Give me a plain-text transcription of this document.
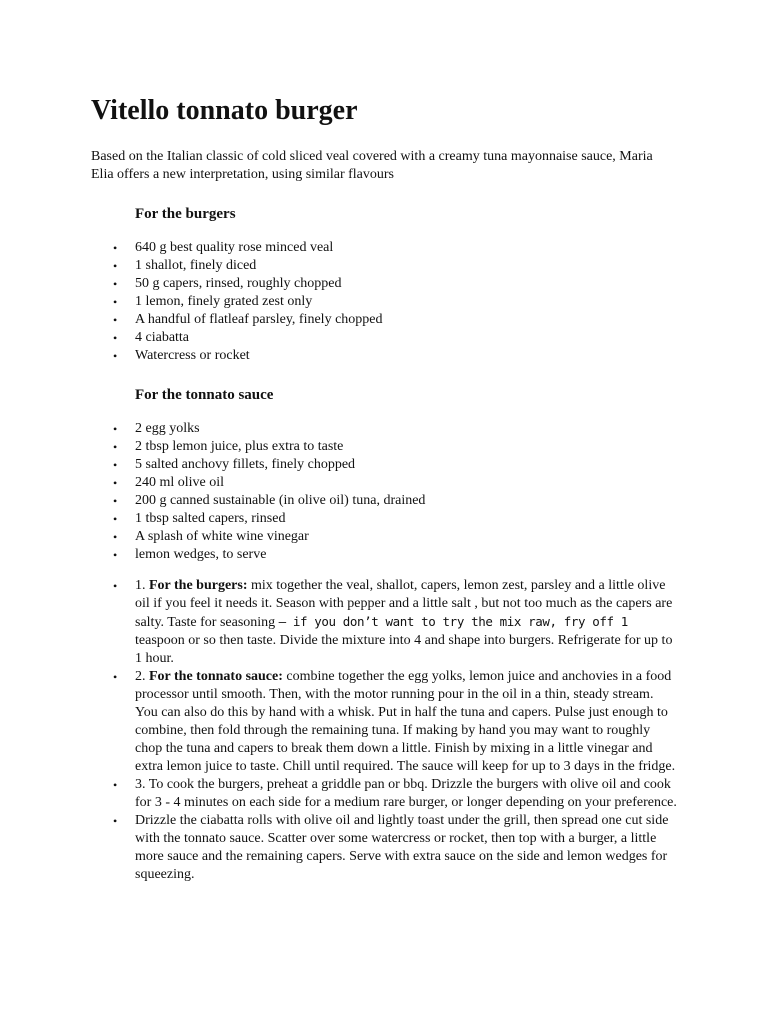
Vitello tonnato burger

Based on the Italian classic of cold sliced veal covered with a creamy tuna mayonnaise sauce, Maria Elia offers a new interpretation, using similar flavours

For the burgers
• 640 g best quality rose minced veal
• 1 shallot, finely diced
• 50 g capers, rinsed, roughly chopped
• 1 lemon, finely grated zest only
• A handful of flatleaf parsley, finely chopped
• 4 ciabatta
• Watercress or rocket
For the tonnato sauce
• 2 egg yolks
• 2 tbsp lemon juice, plus extra to taste
• 5 salted anchovy fillets, finely chopped
• 240 ml olive oil
• 200 g canned sustainable (in olive oil) tuna, drained
• 1 tbsp salted capers, rinsed
• A splash of white wine vinegar
• lemon wedges, to serve
• 1. For the burgers: mix together the veal, shallot, capers, lemon zest, parsley and a little olive oil if you feel it needs it. Season with pepper and a little salt , but not too much as the capers are salty. Taste for seasoning – if you don’t want to try the mix raw, fry off 1 teaspoon or so then taste. Divide the mixture into 4 and shape into burgers. Refrigerate for up to 1 hour.
• 2. For the tonnato sauce: combine together the egg yolks, lemon juice and anchovies in a food processor until smooth. Then, with the motor running pour in the oil in a thin, steady stream. You can also do this by hand with a whisk. Put in half the tuna and capers. Pulse just enough to combine, then fold through the remaining tuna. If making by hand you may want to roughly chop the tuna and capers to break them down a little. Finish by mixing in a little vinegar and extra lemon juice to taste. Chill until required. The sauce will keep for up to 3 days in the fridge.
• 3. To cook the burgers, preheat a griddle pan or bbq. Drizzle the burgers with olive oil and cook for 3 - 4 minutes on each side for a medium rare burger, or longer depending on your preference.
• Drizzle the ciabatta rolls with olive oil and lightly toast under the grill, then spread one cut side with the tonnato sauce. Scatter over some watercress or rocket, then top with a burger, a little more sauce and the remaining capers. Serve with extra sauce on the side and lemon wedges for squeezing.
